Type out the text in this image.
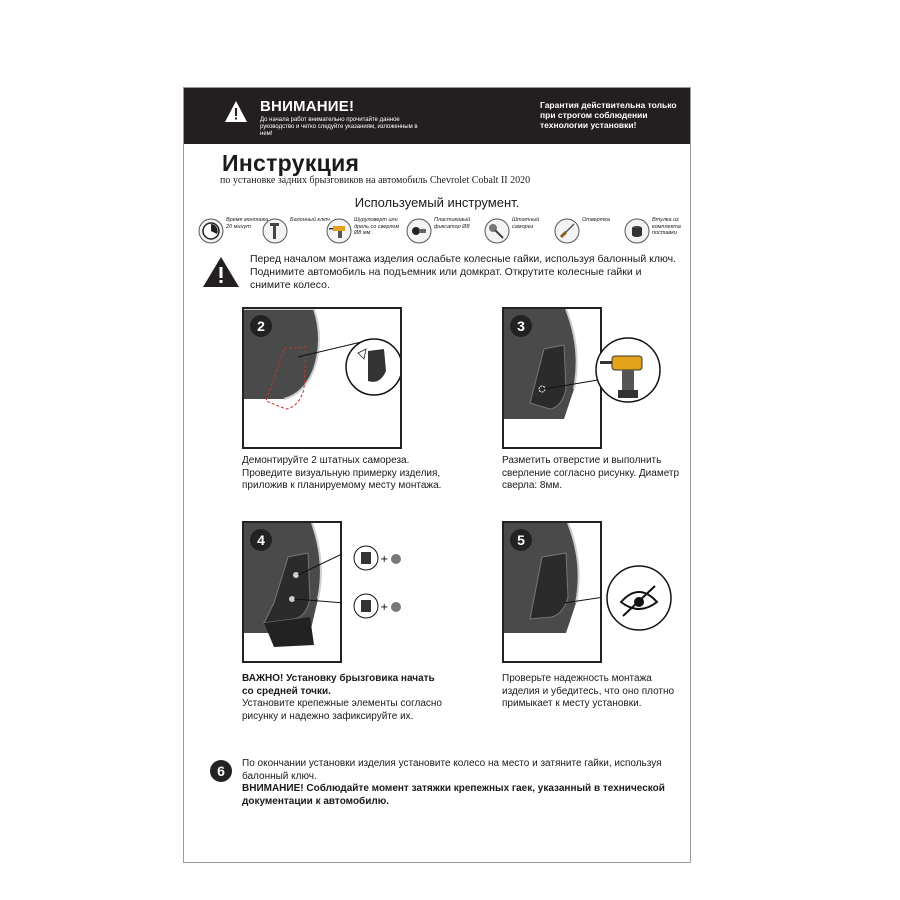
ВНИМАНИЕ!
До начала работ внимательно прочитайте данное руководство и четко следуйте указаниям, изложенным в нем!
Гарантия действительна только при строгом соблюдении технологии установки!
Инструкция
по установке задних брызговиков на автомобиль Chevrolet Cobalt II 2020
Используемый инструмент.
Время монтажа 20 минут
Балонный ключ	Шуруповерт или дрель со сверлом Ø8 мм
Пластиковый фиксатор Ø8
Штатный саморез
Отвертка	Втулка из комплекта поставки
Перед началом монтажа изделия ослабьте колесные гайки, используя балонный ключ. Поднимите автомобиль на подъемник или домкрат. Открутите колесные гайки и снимите колесо.
2
Демонтируйте 2 штатных самореза. Проведите визуальную примерку изделия, приложив к планируемому месту монтажа.
3
Разметить отверстие и выполнить сверление согласно рисунку. Диаметр сверла: 8мм.
4
+
+
ВАЖНО! Установку брызговика начать со средней точки.
Установите крепежные элементы согласно рисунку и надежно зафиксируйте их.
5
Проверьте надежность монтажа изделия и убедитесь, что оно плотно примыкает к месту установки.
6	По окончании установки изделия установите колесо на место и затяните гайки, используя балонный ключ.
ВНИМАНИЕ! Соблюдайте момент затяжки крепежных гаек, указанный в технической документации к автомобилю.
